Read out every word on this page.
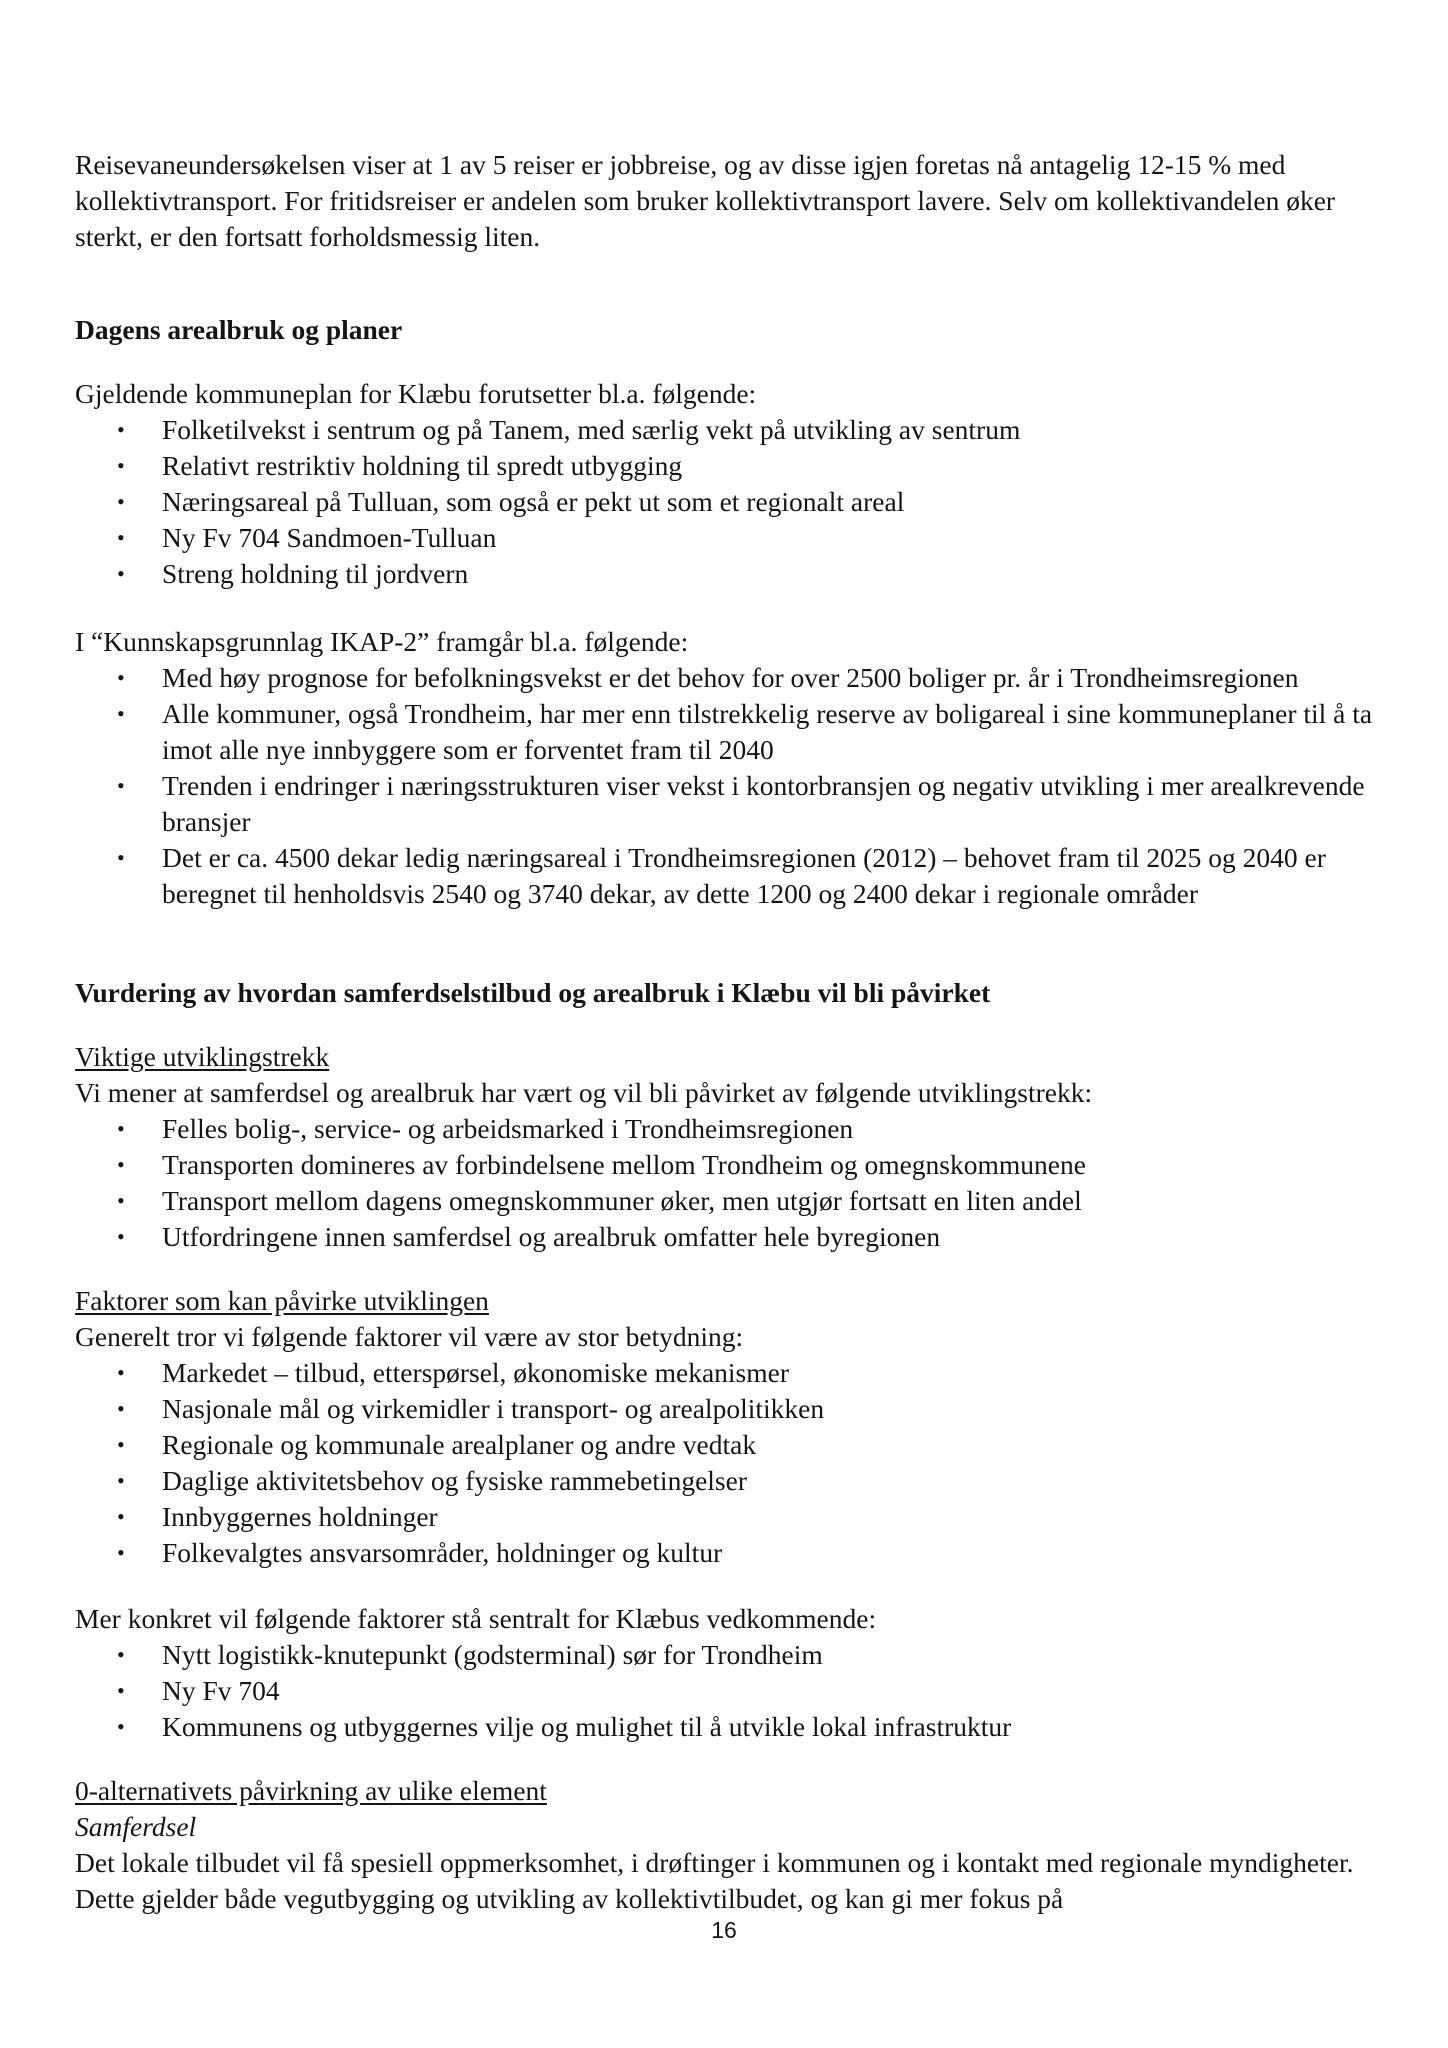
Reisevaneundersøkelsen viser at 1 av 5 reiser er jobbreise, og av disse igjen foretas nå antagelig 12-15 % med kollektivtransport. For fritidsreiser er andelen som bruker kollektivtransport lavere. Selv om kollektivandelen øker sterkt, er den fortsatt forholdsmessig liten.

Dagens arealbruk og planer

Gjeldende kommuneplan for Klæbu forutsetter bl.a. følgende:

• Folketilvekst i sentrum og på Tanem, med særlig vekt på utvikling av sentrum
• Relativt restriktiv holdning til spredt utbygging
• Næringsareal på Tulluan, som også er pekt ut som et regionalt areal
• Ny Fv 704 Sandmoen-Tulluan
• Streng holdning til jordvern

I “Kunnskapsgrunnlag IKAP-2” framgår bl.a. følgende:

• Med høy prognose for befolkningsvekst er det behov for over 2500 boliger pr. år i Trondheimsregionen
• Alle kommuner, også Trondheim, har mer enn tilstrekkelig reserve av boligareal i sine kommuneplaner til å ta imot alle nye innbyggere som er forventet fram til 2040
• Trenden i endringer i næringsstrukturen viser vekst i kontorbransjen og negativ utvikling i mer arealkrevende bransjer
• Det er ca. 4500 dekar ledig næringsareal i Trondheimsregionen (2012) – behovet fram til 2025 og 2040 er beregnet til henholdsvis 2540 og 3740 dekar, av dette 1200 og 2400 dekar i regionale områder

Vurdering av hvordan samferdselstilbud og arealbruk i Klæbu vil bli påvirket

Viktige utviklingstrekk

Vi mener at samferdsel og arealbruk har vært og vil bli påvirket av følgende utviklingstrekk:

• Felles bolig-, service- og arbeidsmarked i Trondheimsregionen
• Transporten domineres av forbindelsene mellom Trondheim og omegnskommunene
• Transport mellom dagens omegnskommuner øker, men utgjør fortsatt en liten andel
• Utfordringene innen samferdsel og arealbruk omfatter hele byregionen

Faktorer som kan påvirke utviklingen

Generelt tror vi følgende faktorer vil være av stor betydning:

• Markedet – tilbud, etterspørsel, økonomiske mekanismer
• Nasjonale mål og virkemidler i transport- og arealpolitikken
• Regionale og kommunale arealplaner og andre vedtak
• Daglige aktivitetsbehov og fysiske rammebetingelser
• Innbyggernes holdninger
• Folkevalgtes ansvarsområder, holdninger og kultur

Mer konkret vil følgende faktorer stå sentralt for Klæbus vedkommende:

• Nytt logistikk-knutepunkt (godsterminal) sør for Trondheim
• Ny Fv 704
• Kommunens og utbyggernes vilje og mulighet til å utvikle lokal infrastruktur

0-alternativets påvirkning av ulike element

Samferdsel

Det lokale tilbudet vil få spesiell oppmerksomhet, i drøftinger i kommunen og i kontakt med regionale myndigheter. Dette gjelder både vegutbygging og utvikling av kollektivtilbudet, og kan gi mer fokus på

16
